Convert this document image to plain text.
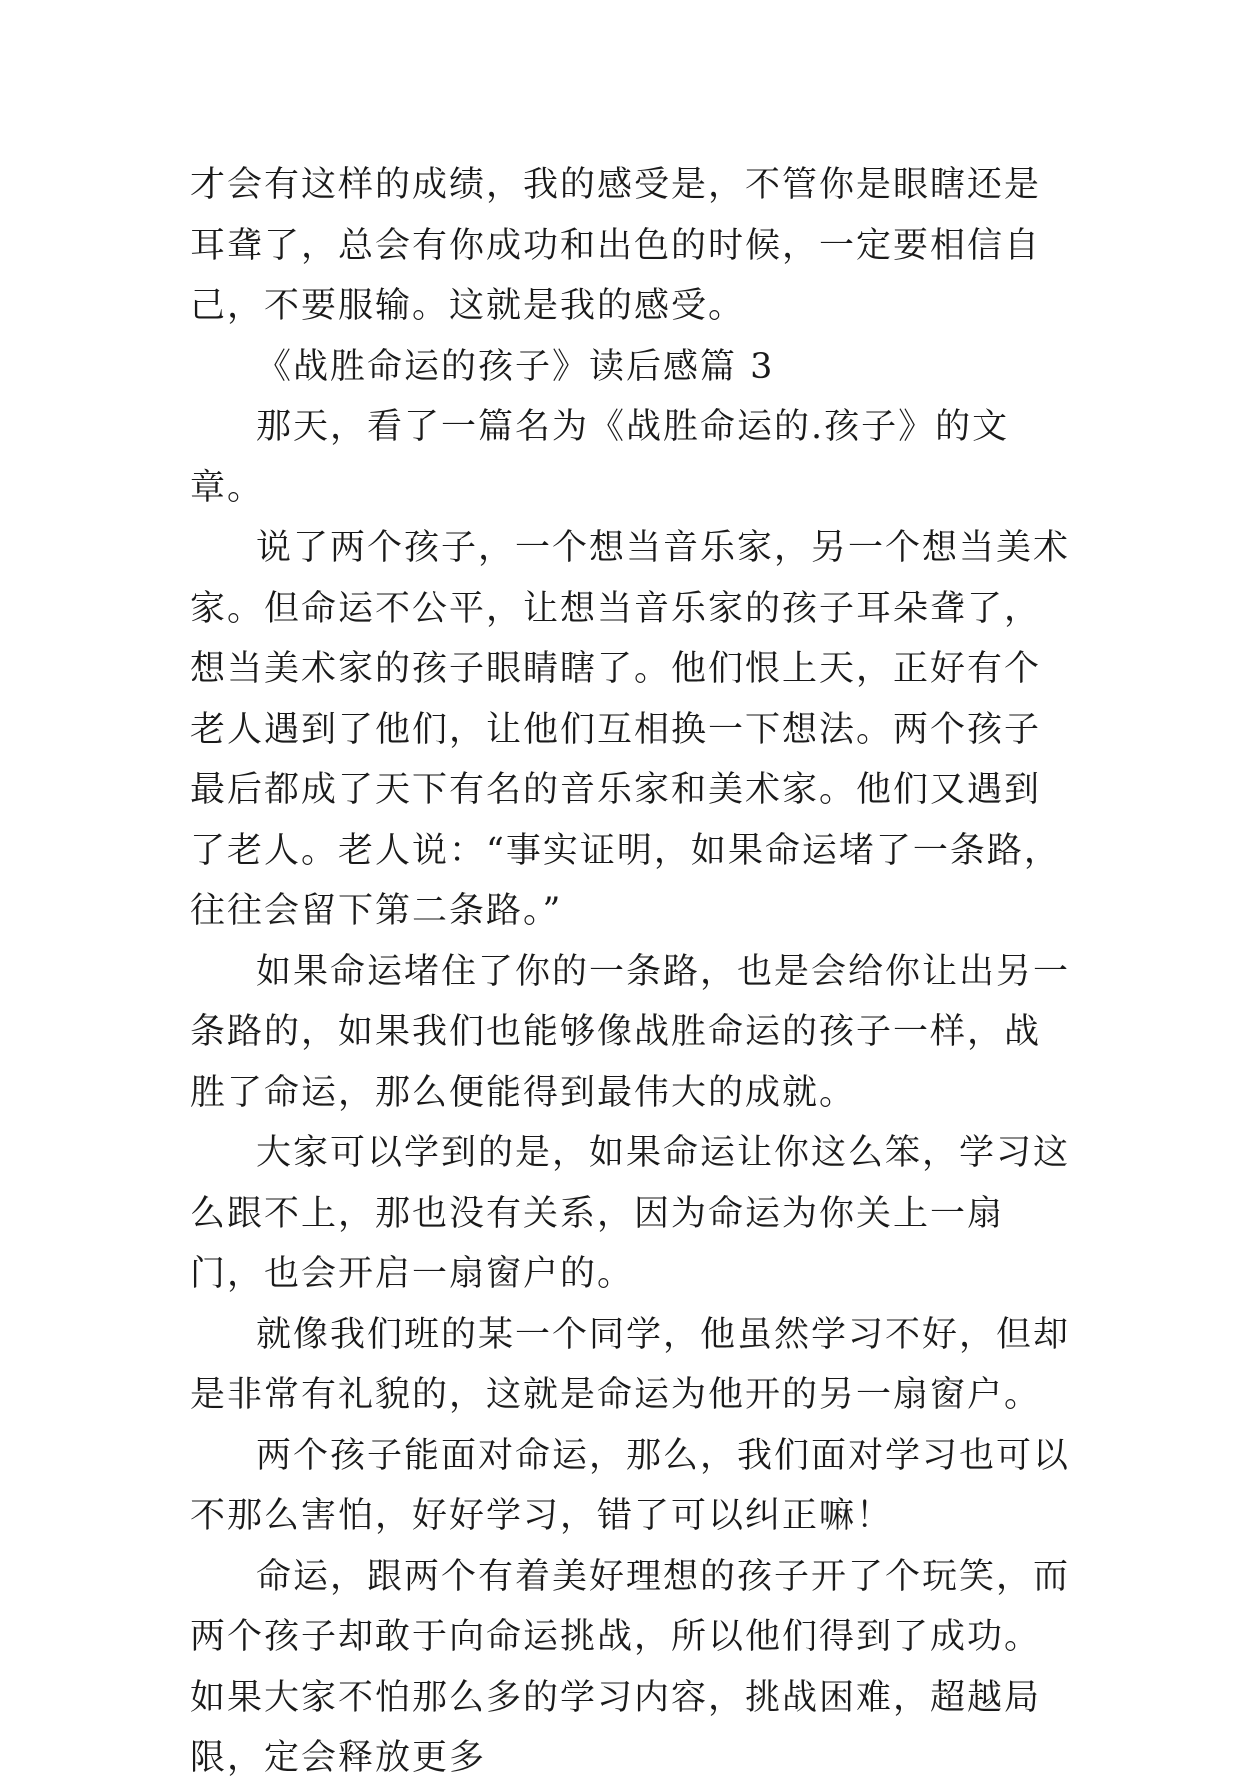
才会有这样的成绩，我的感受是，不管你是眼瞎还是耳聋了，总会有你成功和出色的时候，一定要相信自己，不要服输。这就是我的感受。

《战胜命运的孩子》读后感篇 3

那天，看了一篇名为《战胜命运的.孩子》的文章。

说了两个孩子，一个想当音乐家，另一个想当美术家。但命运不公平，让想当音乐家的孩子耳朵聋了，想当美术家的孩子眼睛瞎了。他们恨上天，正好有个老人遇到了他们，让他们互相换一下想法。两个孩子最后都成了天下有名的音乐家和美术家。他们又遇到了老人。老人说：“事实证明，如果命运堵了一条路，往往会留下第二条路。”

如果命运堵住了你的一条路，也是会给你让出另一条路的，如果我们也能够像战胜命运的孩子一样，战胜了命运，那么便能得到最伟大的成就。

大家可以学到的是，如果命运让你这么笨，学习这么跟不上，那也没有关系，因为命运为你关上一扇门，也会开启一扇窗户的。

就像我们班的某一个同学，他虽然学习不好，但却是非常有礼貌的，这就是命运为他开的另一扇窗户。

两个孩子能面对命运，那么，我们面对学习也可以不那么害怕，好好学习，错了可以纠正嘛！

命运，跟两个有着美好理想的孩子开了个玩笑，而两个孩子却敢于向命运挑战，所以他们得到了成功。如果大家不怕那么多的学习内容，挑战困难，超越局限，定会释放更多
